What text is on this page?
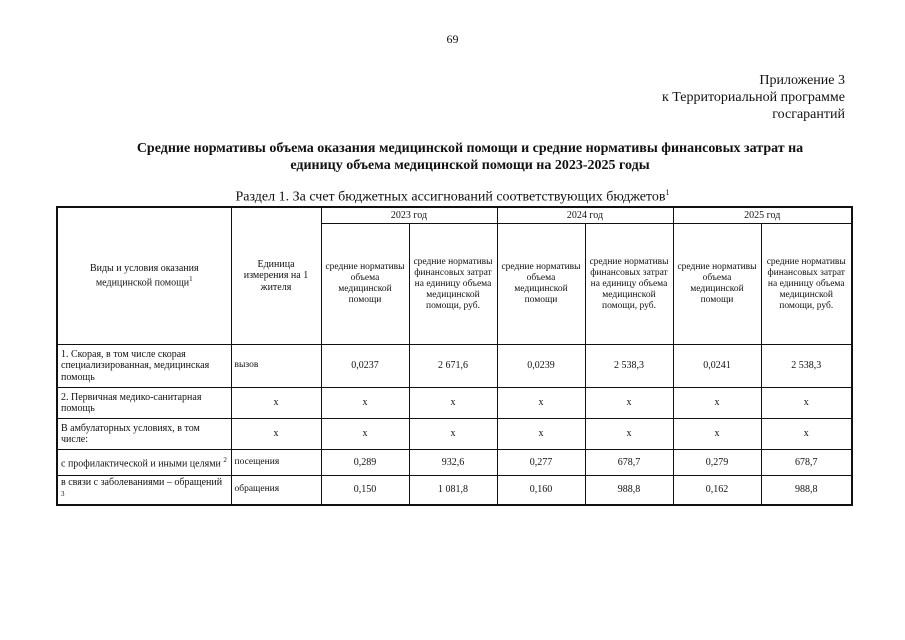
69
Приложение 3
к Территориальной программе
госгарантий
Средние нормативы объема оказания медицинской помощи и средние нормативы финансовых затрат на
единицу объема медицинской помощи на 2023-2025 годы
Раздел 1. За счет бюджетных ассигнований соответствующих бюджетов$^1$
Виды и условия оказания медицинской помощи$^1$	Единица измерения на 1 жителя	2023 год		2024 год		2025 год	
		средние нормативы объема медицинской помощи	средние нормативы финансовых затрат на единицу объема медицинской помощи, руб.	средние нормативы объема медицинской помощи	средние нормативы финансовых затрат на единицу объема медицинской помощи, руб.	средние нормативы объема медицинской помощи	средние нормативы финансовых затрат на единицу объема медицинской помощи, руб.
1. Скорая, в том числе скорая специализированная, медицинская помощь	вызов	0,0237	2 671,6	0,0239	2 538,3	0,0241	2 538,3
2. Первичная медико-санитарная помощь	х	х	х	х	х	х	х
В амбулаторных условиях, в том числе:	х	х	х	х	х	х	х
с профилактической и иными целями $^2$	посещения	0,289	932,6	0,277	678,7	0,279	678,7
в связи с заболеваниями – обращений $^3$	обращения	0,150	1 081,8	0,160	988,8	0,162	988,8
